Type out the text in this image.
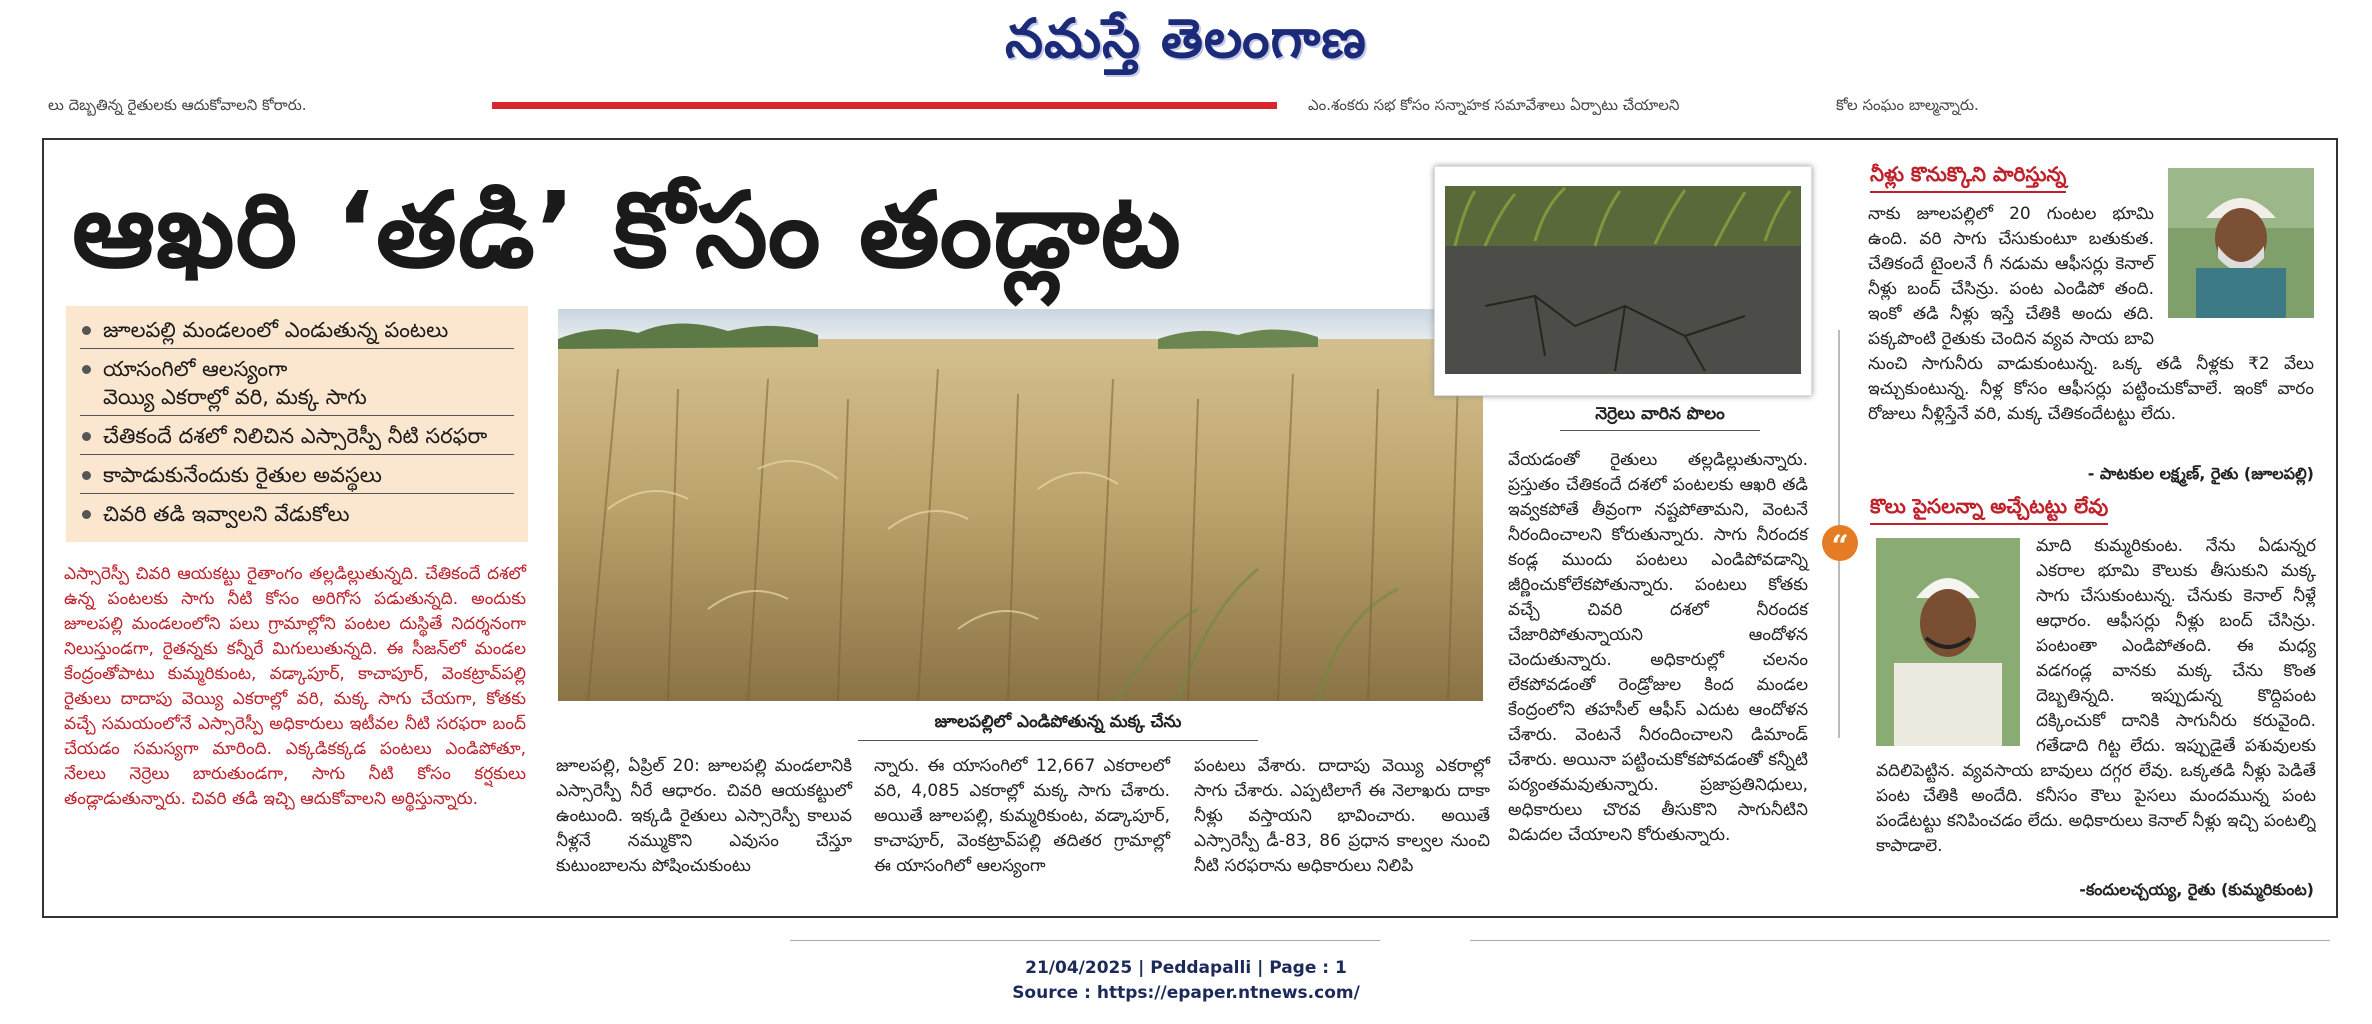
నమస్తే తెలంగాణ
లు దెబ్బతిన్న రైతులకు ఆదుకోవాలని కోరారు.	ఎం.శంకరు సభ కోసం సన్నాహక సమావేశాలు ఏర్పాటు చేయాలని	కోల సంఘం బాల్మన్నారు.
ఆఖరి ‘తడి’ కోసం తండ్లాట
జూలపల్లి మండలంలో ఎండుతున్న పంటలు
యాసంగిలో ఆలస్యంగా
వెయ్యి ఎకరాల్లో వరి, మక్క సాగు
చేతికందే దశలో నిలిచిన ఎస్సారెస్పీ నీటి సరఫరా
కాపాడుకునేందుకు రైతుల అవస్థలు
చివరి తడి ఇవ్వాలని వేడుకోలు
ఎస్సారెస్పీ చివరి ఆయకట్టు రైతాంగం తల్లడిల్లుతున్నది. చేతికందే దశలో ఉన్న పంటలకు సాగు నీటి కోసం అరిగోస పడుతున్నది. అందుకు జూలపల్లి మండలంలోని పలు గ్రామాల్లోని పంటల దుస్థితే నిదర్శనంగా నిలుస్తుండగా, రైతన్నకు కన్నీరే మిగులుతున్నది. ఈ సీజన్‌లో మండల కేంద్రంతోపాటు కుమ్మరికుంట, వడ్కాపూర్, కాచాపూర్, వెంకట్రావ్‌పల్లి రైతులు దాదాపు వెయ్యి ఎకరాల్లో వరి, మక్క సాగు చేయగా, కోతకు వచ్చే సమయంలోనే ఎస్సారెస్పీ అధికారులు ఇటీవల నీటి సరఫరా బంద్ చేయడం సమస్యగా మారింది. ఎక్కడికక్కడ పంటలు ఎండిపోతూ, నేలలు నెర్రెలు బారుతుండగా, సాగు నీటి కోసం కర్షకులు తండ్లాడుతున్నారు. చివరి తడి ఇచ్చి ఆదుకోవాలని అర్థిస్తున్నారు.
జూలపల్లిలో ఎండిపోతున్న మక్క చేను
జూలపల్లి, ఏప్రిల్ 20: జూలపల్లి మండలానికి ఎస్సారెస్పీ నీరే ఆధారం. చివరి ఆయకట్టులో ఉంటుంది. ఇక్కడి రైతులు ఎస్సారెస్పీ కాలువ నీళ్లనే నమ్ముకొని ఎవుసం చేస్తూ కుటుంబాలను పోషించుకుంటు
న్నారు. ఈ యాసంగిలో 12,667 ఎకరాలలో వరి, 4,085 ఎకరాల్లో మక్క సాగు చేశారు. అయితే జూలపల్లి, కుమ్మరికుంట, వడ్కాపూర్, కాచాపూర్, వెంకట్రావ్‌పల్లి తదితర గ్రామాల్లో ఈ యాసంగిలో ఆలస్యంగా
పంటలు వేశారు. దాదాపు వెయ్యి ఎకరాల్లో సాగు చేశారు. ఎప్పటిలాగే ఈ నెలాఖరు దాకా నీళ్లు వస్తాయని భావించారు. అయితే ఎస్సారెస్పీ డీ-83, 86 ప్రధాన కాల్వల నుంచి నీటి సరఫరాను అధికారులు నిలిపి
నెర్రెలు వారిన పొలం
వేయడంతో రైతులు తల్లడిల్లుతున్నారు. ప్రస్తుతం చేతికందే దశలో పంటలకు ఆఖరి తడి ఇవ్వకపోతే తీవ్రంగా నష్టపోతామని, వెంటనే నీరందించాలని కోరుతున్నారు. సాగు నీరందక కండ్ల ముందు పంటలు ఎండిపోవడాన్ని జీర్ణించుకోలేకపోతున్నారు. పంటలు కోతకు వచ్చే చివరి దశలో నీరందక చేజారిపోతున్నాయని ఆందోళన చెందుతున్నారు. అధికారుల్లో చలనం లేకపోవడంతో రెండ్రోజుల కింద మండల కేంద్రంలోని తహసీల్ ఆఫీస్ ఎదుట ఆందోళన చేశారు. వెంటనే నీరందించాలని డిమాండ్ చేశారు. అయినా పట్టించుకోకపోవడంతో కన్నీటి పర్యంతమవుతున్నారు. ప్రజాప్రతినిధులు, అధికారులు చొరవ తీసుకొని సాగునీటిని విడుదల చేయాలని కోరుతున్నారు.
“
నీళ్లు కొనుక్కొని పారిస్తున్న
నాకు జూలపల్లిలో 20 గుంటల భూమి ఉంది. వరి సాగు చేసుకుంటూ బతుకుత. చేతికందే టైంలనే గీ నడుమ ఆఫీసర్లు కెనాల్ నీళ్లు బంద్ చేసిన్రు. పంట ఎండిపో తంది. ఇంకో తడి నీళ్లు ఇస్తే చేతికి అందు తది. పక్కపొంటి రైతుకు చెందిన వ్యవ సాయ బావి నుంచి సాగునీరు వాడుకుంటున్న. ఒక్క తడి నీళ్లకు ₹2 వేలు ఇచ్చుకుంటున్న. నీళ్ల కోసం ఆఫీసర్లు పట్టించుకోవాలే. ఇంకో వారం రోజులు నీళ్లిస్తేనే వరి, మక్క చేతికందేటట్టు లేదు.
- పాటకుల లక్ష్మణ్, రైతు (జూలపల్లి)
కొలు పైసలన్నా అచ్చేటట్టు లేవు
మాది కుమ్మరికుంట. నేను ఏడున్నర ఎకరాల భూమి కౌలుకు తీసుకుని మక్క సాగు చేసుకుంటున్న. చేనుకు కెనాల్ నీళ్లే ఆధారం. ఆఫీసర్లు నీళ్లు బంద్ చేసిన్రు. పంటంతా ఎండిపోతంది. ఈ మధ్య వడగండ్ల వానకు మక్క చేను కొంత దెబ్బతిన్నది. ఇప్పుడున్న కొద్దిపంట దక్కించుకో దానికి సాగునీరు కరువైంది. గతేడాది గిట్ట లేదు. ఇప్పుడైతే పశువులకు వదిలిపెట్టిన. వ్యవసాయ బావులు దగ్గర లేవు. ఒక్కతడి నీళ్లు పెడితే పంట చేతికి అందేది. కనీసం కౌలు పైసలు మందమున్న పంట పండేటట్టు కనిపించడం లేదు. అధికారులు కెనాల్ నీళ్లు ఇచ్చి పంటల్ని కాపాడాలె.
-కందులచ్చయ్య, రైతు (కుమ్మరికుంట)
21/04/2025 | Peddapalli | Page : 1
Source : https://epaper.ntnews.com/
